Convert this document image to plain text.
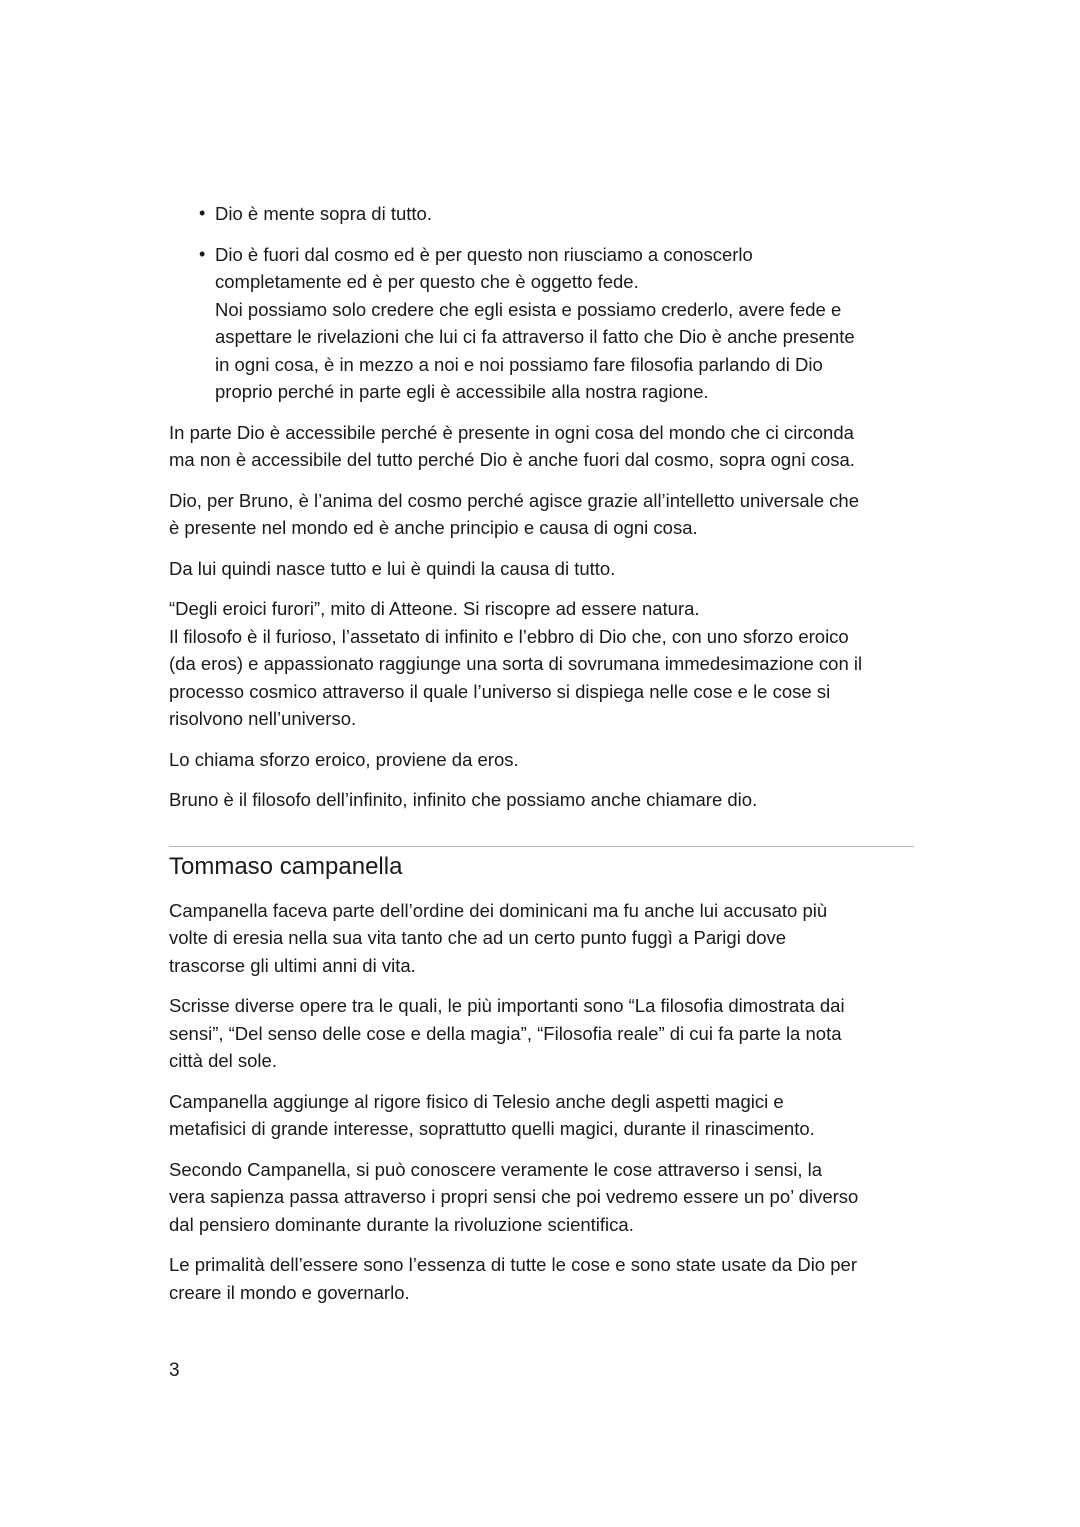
• Dio è mente sopra di tutto.
• Dio è fuori dal cosmo ed è per questo non riusciamo a conoscerlo
completamente ed è per questo che è oggetto fede.
Noi possiamo solo credere che egli esista e possiamo crederlo, avere fede e
aspettare le rivelazioni che lui ci fa attraverso il fatto che Dio è anche presente
in ogni cosa, è in mezzo a noi e noi possiamo fare filosofia parlando di Dio
proprio perché in parte egli è accessibile alla nostra ragione.

In parte Dio è accessibile perché è presente in ogni cosa del mondo che ci circonda
ma non è accessibile del tutto perché Dio è anche fuori dal cosmo, sopra ogni cosa.

Dio, per Bruno, è l’anima del cosmo perché agisce grazie all’intelletto universale che
è presente nel mondo ed è anche principio e causa di ogni cosa.

Da lui quindi nasce tutto e lui è quindi la causa di tutto.

“Degli eroici furori”, mito di Atteone. Si riscopre ad essere natura.
Il filosofo è il furioso, l’assetato di infinito e l’ebbro di Dio che, con uno sforzo eroico
(da eros) e appassionato raggiunge una sorta di sovrumana immedesimazione con il
processo cosmico attraverso il quale l’universo si dispiega nelle cose e le cose si
risolvono nell’universo.

Lo chiama sforzo eroico, proviene da eros.

Bruno è il filosofo dell’infinito, infinito che possiamo anche chiamare dio.

Tommaso campanella

Campanella faceva parte dell’ordine dei dominicani ma fu anche lui accusato più
volte di eresia nella sua vita tanto che ad un certo punto fuggì a Parigi dove
trascorse gli ultimi anni di vita.

Scrisse diverse opere tra le quali, le più importanti sono “La filosofia dimostrata dai
sensi”, “Del senso delle cose e della magia”, “Filosofia reale” di cui fa parte la nota
città del sole.

Campanella aggiunge al rigore fisico di Telesio anche degli aspetti magici e
metafisici di grande interesse, soprattutto quelli magici, durante il rinascimento.

Secondo Campanella, si può conoscere veramente le cose attraverso i sensi, la
vera sapienza passa attraverso i propri sensi che poi vedremo essere un po’ diverso
dal pensiero dominante durante la rivoluzione scientifica.

Le primalità dell’essere sono l’essenza di tutte le cose e sono state usate da Dio per
creare il mondo e governarlo.

3
